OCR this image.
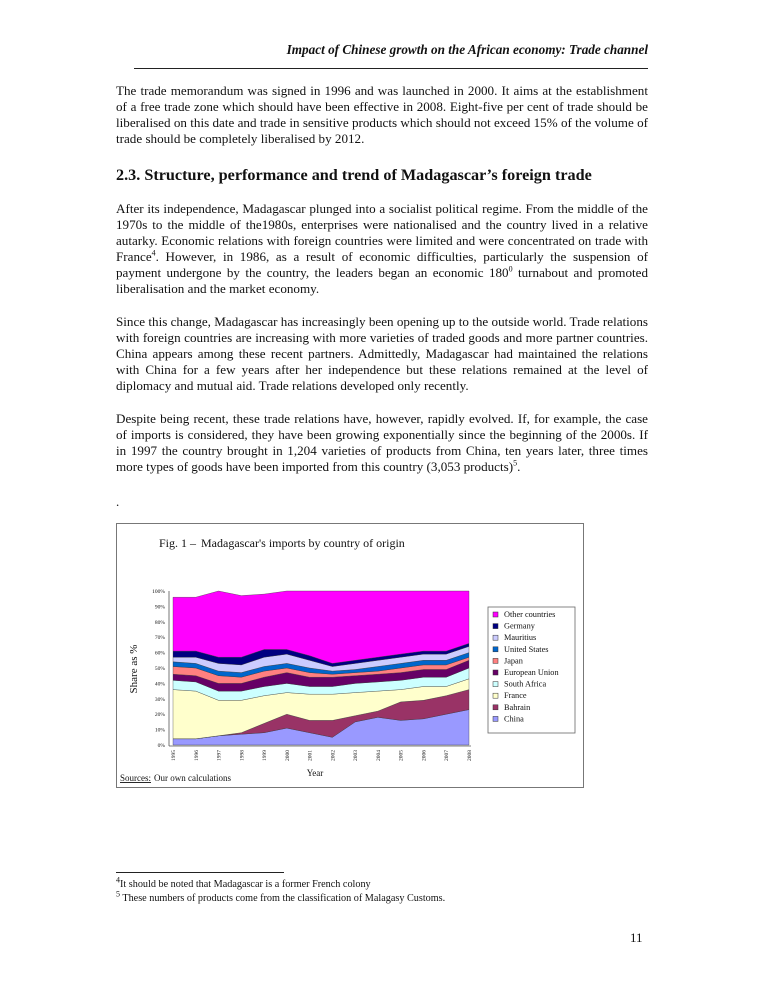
Impact of Chinese growth on the African economy: Trade channel

The trade memorandum was signed in 1996 and was launched in 2000. It aims at the establishment of a free trade zone which should have been effective in 2008. Eight-five per cent of trade should be liberalised on this date and trade in sensitive products which should not exceed 15% of the volume of trade should be completely liberalised by 2012.

2.3. Structure, performance and trend of Madagascar’s foreign trade

After its independence, Madagascar plunged into a socialist political regime. From the middle of the 1970s to the middle of the1980s, enterprises were nationalised and the country lived in a relative autarky. Economic relations with foreign countries were limited and were concentrated on trade with France$^4$. However, in 1986, as a result of economic difficulties, particularly the suspension of payment undergone by the country, the leaders began an economic $180^0$ turnabout and promoted liberalisation and the market economy.

Since this change, Madagascar has increasingly been opening up to the outside world. Trade relations with foreign countries are increasing with more varieties of traded goods and more partner countries. China appears among these recent partners. Admittedly, Madagascar had maintained the relations with China for a few years after her independence but these relations remained at the level of diplomacy and mutual aid. Trade relations developed only recently.

Despite being recent, these trade relations have, however, rapidly evolved. If, for example, the case of imports is considered, they have been growing exponentially since the beginning of the 2000s. If in 1997 the country brought in 1,204 varieties of products from China, ten years later, three times more types of goods have been imported from this country (3,053 products)$^5$.

.
Fig. 1 – Madagascar's imports by country of origin
0%
10%
20%
30%
40%
50%
60%
70%
80%
90%
100%
1995	1996	1997	1998	1999	2000	2001	2002	2003	2004	2005	2006	2007	2008
Share as %
Year
Other countries
Germany
Mauritius
United States
Japan
European Union
South Africa
France
Bahrain
China
Sources: Our own calculations
$^4$It should be noted that Madagascar is a former French colony
$^5$ These numbers of products come from the classification of Malagasy Customs.
11
